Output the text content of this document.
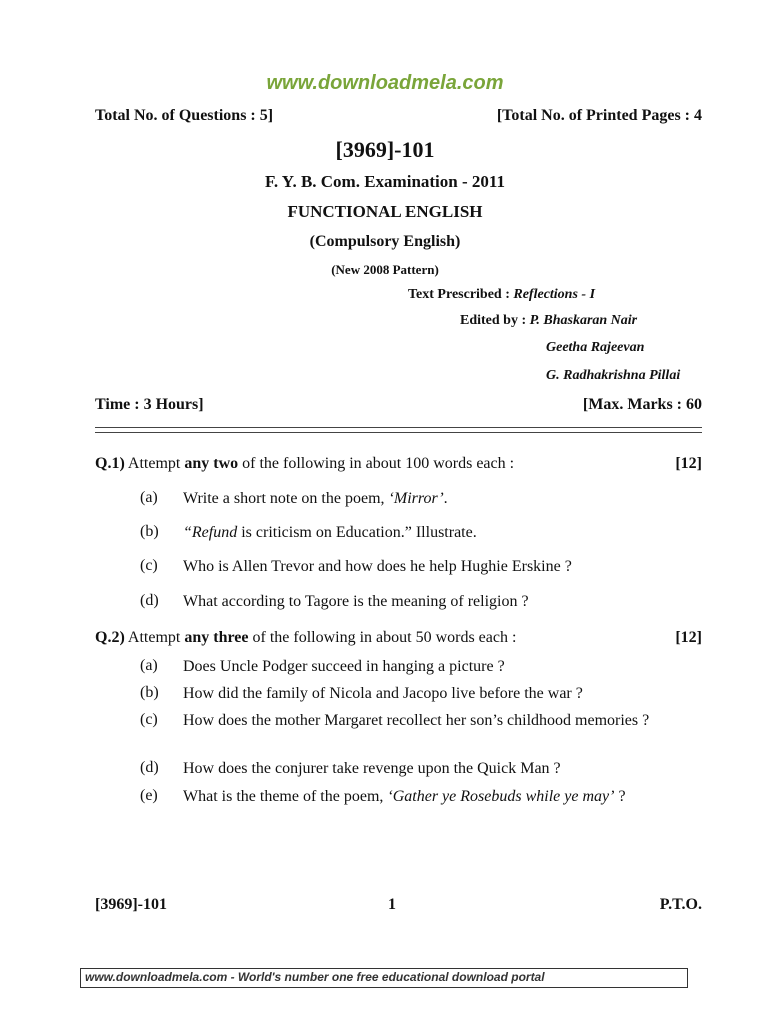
www.downloadmela.com
Total No. of Questions : 5]	[Total No. of Printed Pages : 4
[3969]-101
F. Y. B. Com. Examination - 2011
FUNCTIONAL ENGLISH
(Compulsory English)
(New 2008 Pattern)
Text Prescribed : Reflections - I
Edited by : P. Bhaskaran Nair
Geetha Rajeevan
G. Radhakrishna Pillai
Time : 3 Hours]	[Max. Marks : 60
Q.1) Attempt any two of the following in about 100 words each :	[12]
(a) Write a short note on the poem, ‘Mirror’.
(b) “Refund is criticism on Education.” Illustrate.
(c) Who is Allen Trevor and how does he help Hughie Erskine ?
(d) What according to Tagore is the meaning of religion ?
Q.2) Attempt any three of the following in about 50 words each :	[12]
(a) Does Uncle Podger succeed in hanging a picture ?
(b) How did the family of Nicola and Jacopo live before the war ?
(c) How does the mother Margaret recollect her son’s childhood memories ?
(d) How does the conjurer take revenge upon the Quick Man ?
(e) What is the theme of the poem, ‘Gather ye Rosebuds while ye may’ ?
[3969]-101	1	P.T.O.
www.downloadmela.com - World's number one free educational download portal
